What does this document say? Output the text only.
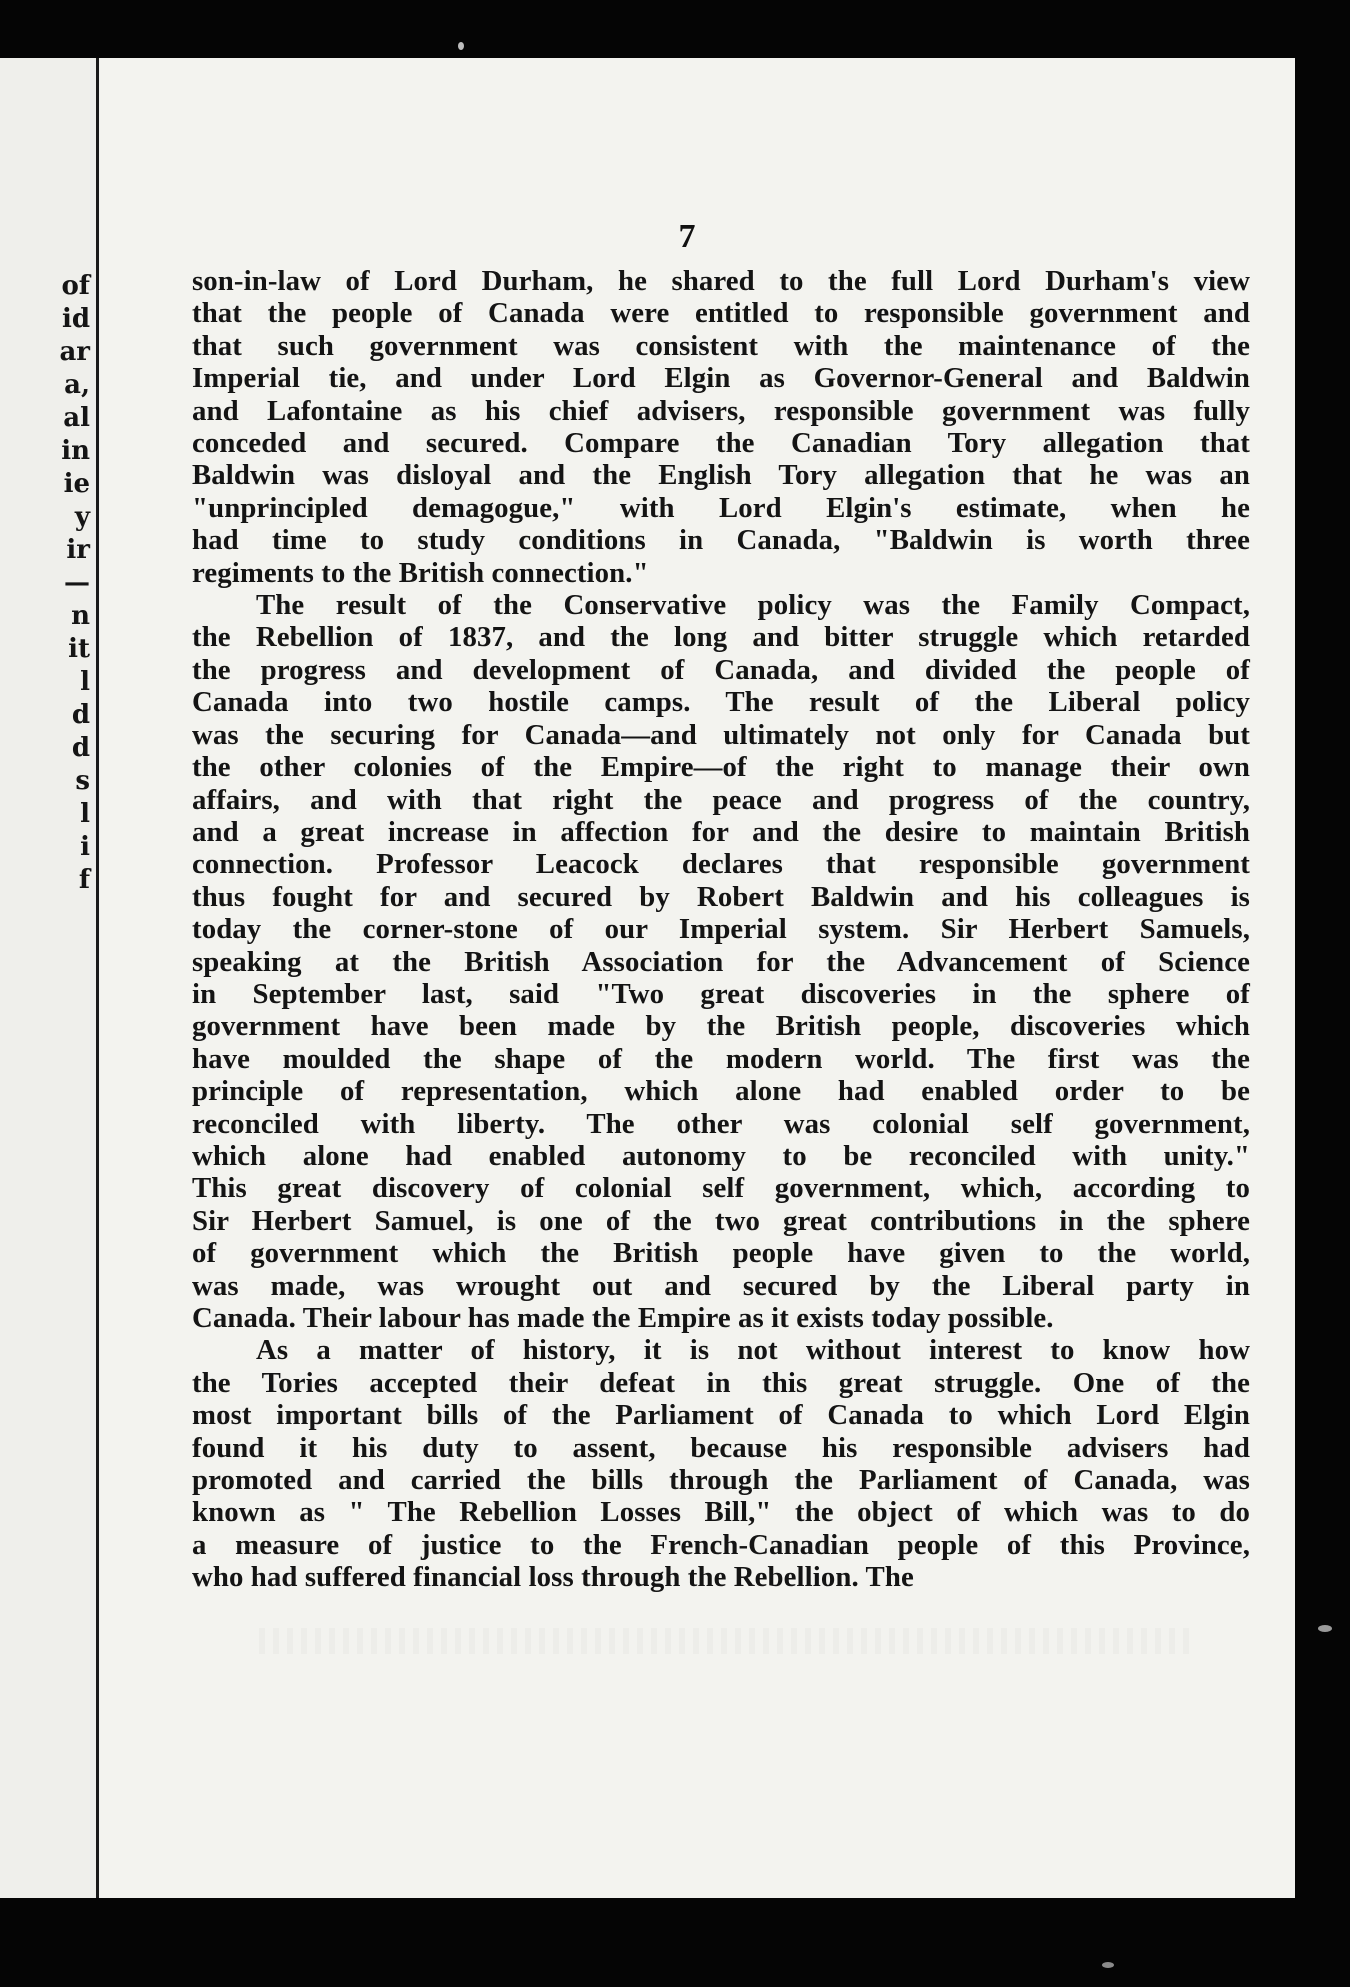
of
id
ar
a,
al
in
ie
y
ir
—
n
it
l
d
d
s
l
i
f
7
son-in-law of Lord Durham, he shared to the full Lord Durham's view
that the people of Canada were entitled to responsible government and
that such government was consistent with the maintenance of the
Imperial tie, and under Lord Elgin as Governor-General and Baldwin
and Lafontaine as his chief advisers, responsible government was fully
conceded and secured. Compare the Canadian Tory allegation that
Baldwin was disloyal and the English Tory allegation that he was an
"unprincipled demagogue," with Lord Elgin's estimate, when he
had time to study conditions in Canada, "Baldwin is worth three
regiments to the British connection."
The result of the Conservative policy was the Family Compact,
the Rebellion of 1837, and the long and bitter struggle which retarded
the progress and development of Canada, and divided the people of
Canada into two hostile camps. The result of the Liberal policy
was the securing for Canada—and ultimately not only for Canada but
the other colonies of the Empire—of the right to manage their own
affairs, and with that right the peace and progress of the country,
and a great increase in affection for and the desire to maintain British
connection. Professor Leacock declares that responsible government
thus fought for and secured by Robert Baldwin and his colleagues is
today the corner-stone of our Imperial system. Sir Herbert Samuels,
speaking at the British Association for the Advancement of Science
in September last, said "Two great discoveries in the sphere of
government have been made by the British people, discoveries which
have moulded the shape of the modern world. The first was the
principle of representation, which alone had enabled order to be
reconciled with liberty. The other was colonial self government,
which alone had enabled autonomy to be reconciled with unity."
This great discovery of colonial self government, which, according to
Sir Herbert Samuel, is one of the two great contributions in the sphere
of government which the British people have given to the world,
was made, was wrought out and secured by the Liberal party in
Canada. Their labour has made the Empire as it exists today possible.
As a matter of history, it is not without interest to know how
the Tories accepted their defeat in this great struggle. One of the
most important bills of the Parliament of Canada to which Lord Elgin
found it his duty to assent, because his responsible advisers had
promoted and carried the bills through the Parliament of Canada, was
known as " The Rebellion Losses Bill," the object of which was to do
a measure of justice to the French-Canadian people of this Province,
who had suffered financial loss through the Rebellion. The
